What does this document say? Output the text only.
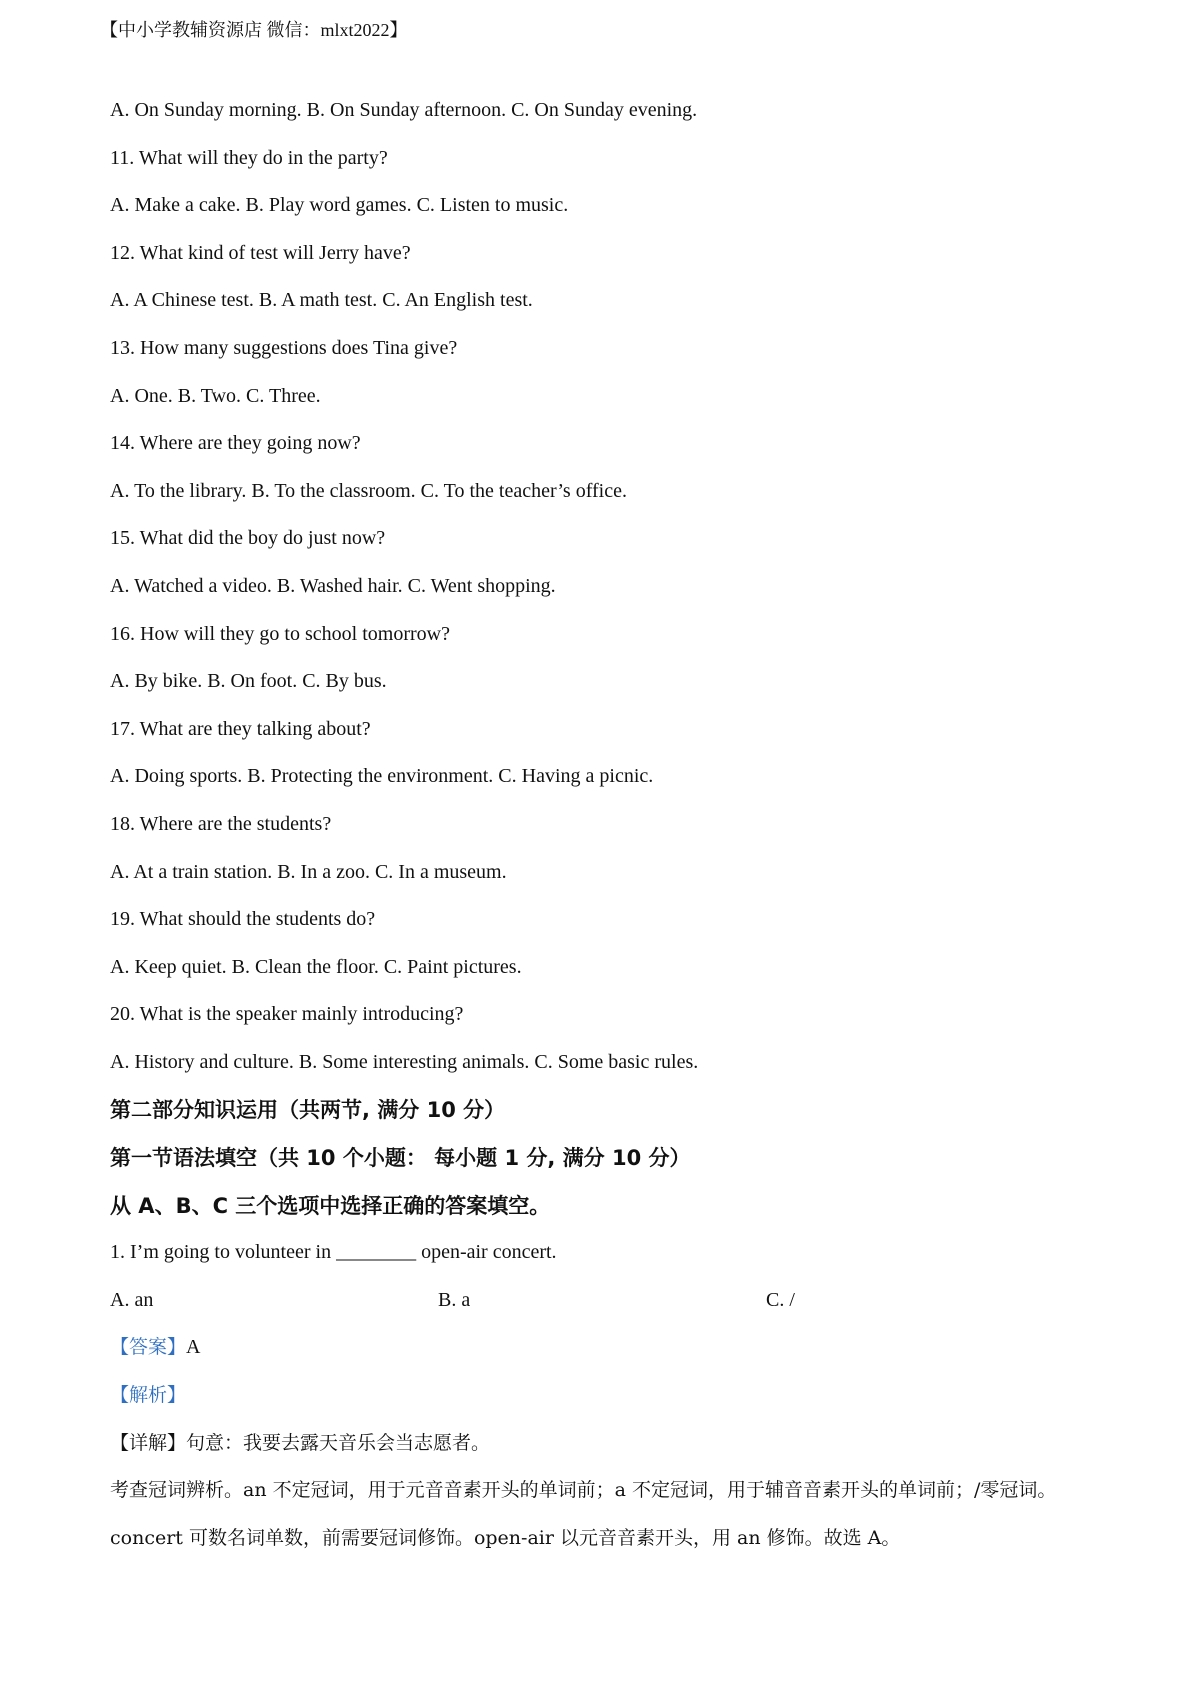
【中小学教辅资源店 微信：mlxt2022】
A. On Sunday morning. B. On Sunday afternoon. C. On Sunday evening.
11. What will they do in the party?
A. Make a cake. B. Play word games. C. Listen to music.
12. What kind of test will Jerry have?
A. A Chinese test. B. A math test. C. An English test.
13. How many suggestions does Tina give?
A. One. B. Two. C. Three.
14. Where are they going now?
A. To the library. B. To the classroom. C. To the teacher’s office.
15. What did the boy do just now?
A. Watched a video. B. Washed hair. C. Went shopping.
16. How will they go to school tomorrow?
A. By bike. B. On foot. C. By bus.
17. What are they talking about?
A. Doing sports. B. Protecting the environment. C. Having a picnic.
18. Where are the students?
A. At a train station. B. In a zoo. C. In a museum.
19. What should the students do?
A. Keep quiet. B. Clean the floor. C. Paint pictures.
20. What is the speaker mainly introducing?
A. History and culture. B. Some interesting animals. C. Some basic rules.
第二部分知识运用（共两节, 满分 10 分）
第一节语法填空（共 10 个小题： 每小题 1 分, 满分 10 分）
从 A、B、C 三个选项中选择正确的答案填空。
1. I’m going to volunteer in ________ open-air concert.
A. an	B. a	C. /
【答案】A
【解析】
【详解】句意：我要去露天音乐会当志愿者。
考查冠词辨析。an 不定冠词，用于元音音素开头的单词前；a 不定冠词，用于辅音音素开头的单词前；/零冠词。concert 可数名词单数，前需要冠词修饰。open-air 以元音音素开头，用 an 修饰。故选 A。
